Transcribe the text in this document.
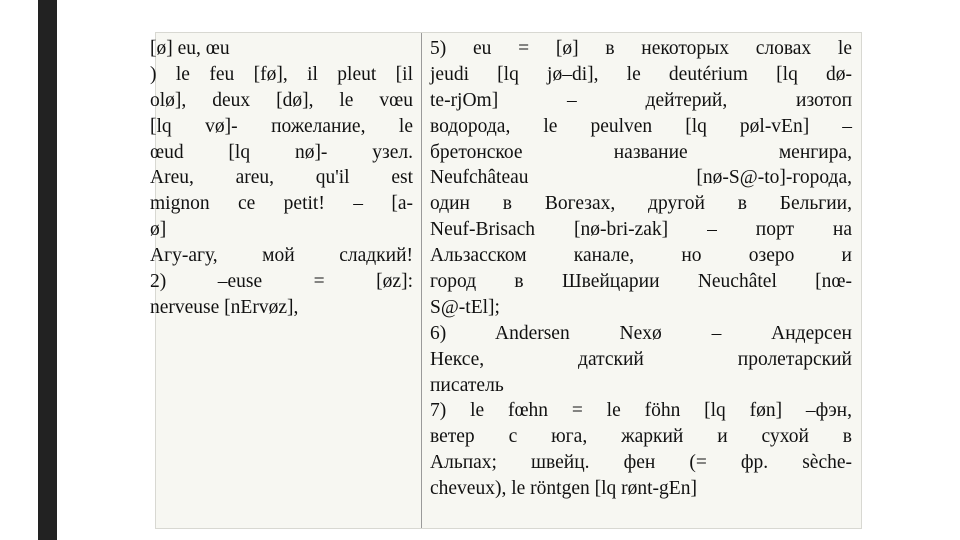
[ø] eu, œu
) le feu [fø], il pleut [il
olø], deux [dø], le vœu
[lq vø]- пожелание, le
œud [lq nø]- узел.
Areu, areu, qu'il est
mignon ce petit! – [a-
ø]
Агу-агу, мой сладкий!
2) –euse = [øz]:
nerveuse [nErvøz],
5) eu = [ø] в некоторых словах le
jeudi [lq jø–di], le deutérium [lq dø-
te-rjOm] – дейтерий, изотоп
водорода, le peulven [lq pøl-vEn] –
бретонское название менгира,
Neufchâteau [nø-S@-to]-города,
один в Вогезах, другой в Бельгии,
Neuf-Brisach [nø-bri-zak] – порт на
Альзасском канале, но озеро и
город в Швейцарии Neuchâtel [nœ-
S@-tEl];
6) Andersen Nexø – Андерсен
Нексе, датский пролетарский
писатель
7) le fœhn = le föhn [lq føn] –фэн,
ветер с юга, жаркий и сухой в
Альпах; швейц. фен (= фр. sèche-
cheveux), le röntgen [lq rønt-gEn]
